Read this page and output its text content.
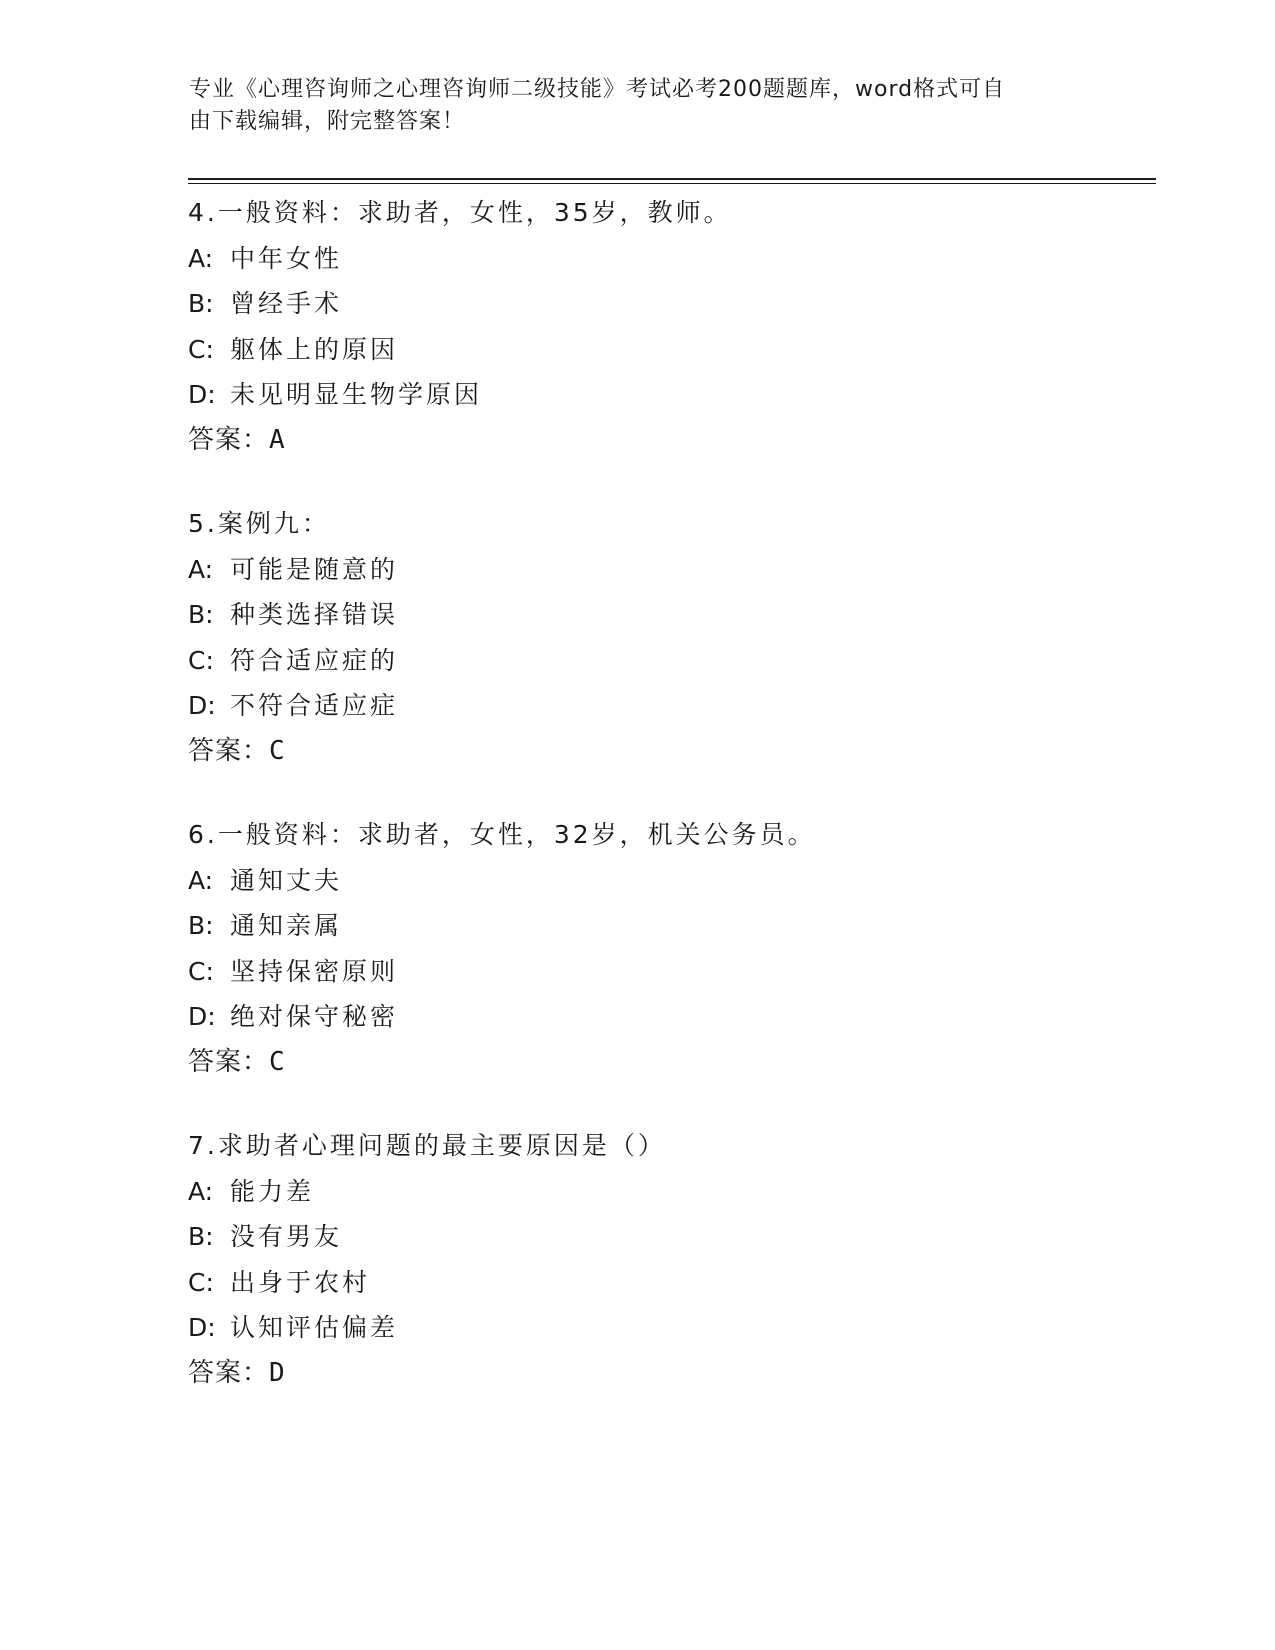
专业《心理咨询师之心理咨询师二级技能》考试必考200题题库，word格式可自
由下载编辑，附完整答案！
4.一般资料：求助者，女性，35岁，教师。
A: 中年女性
B: 曾经手术
C: 躯体上的原因
D: 未见明显生物学原因
答案：A
5.案例九：
A: 可能是随意的
B: 种类选择错误
C: 符合适应症的
D: 不符合适应症
答案：C
6.一般资料：求助者，女性，32岁，机关公务员。
A: 通知丈夫
B: 通知亲属
C: 坚持保密原则
D: 绝对保守秘密
答案：C
7.求助者心理问题的最主要原因是（）
A: 能力差
B: 没有男友
C: 出身于农村
D: 认知评估偏差
答案：D
